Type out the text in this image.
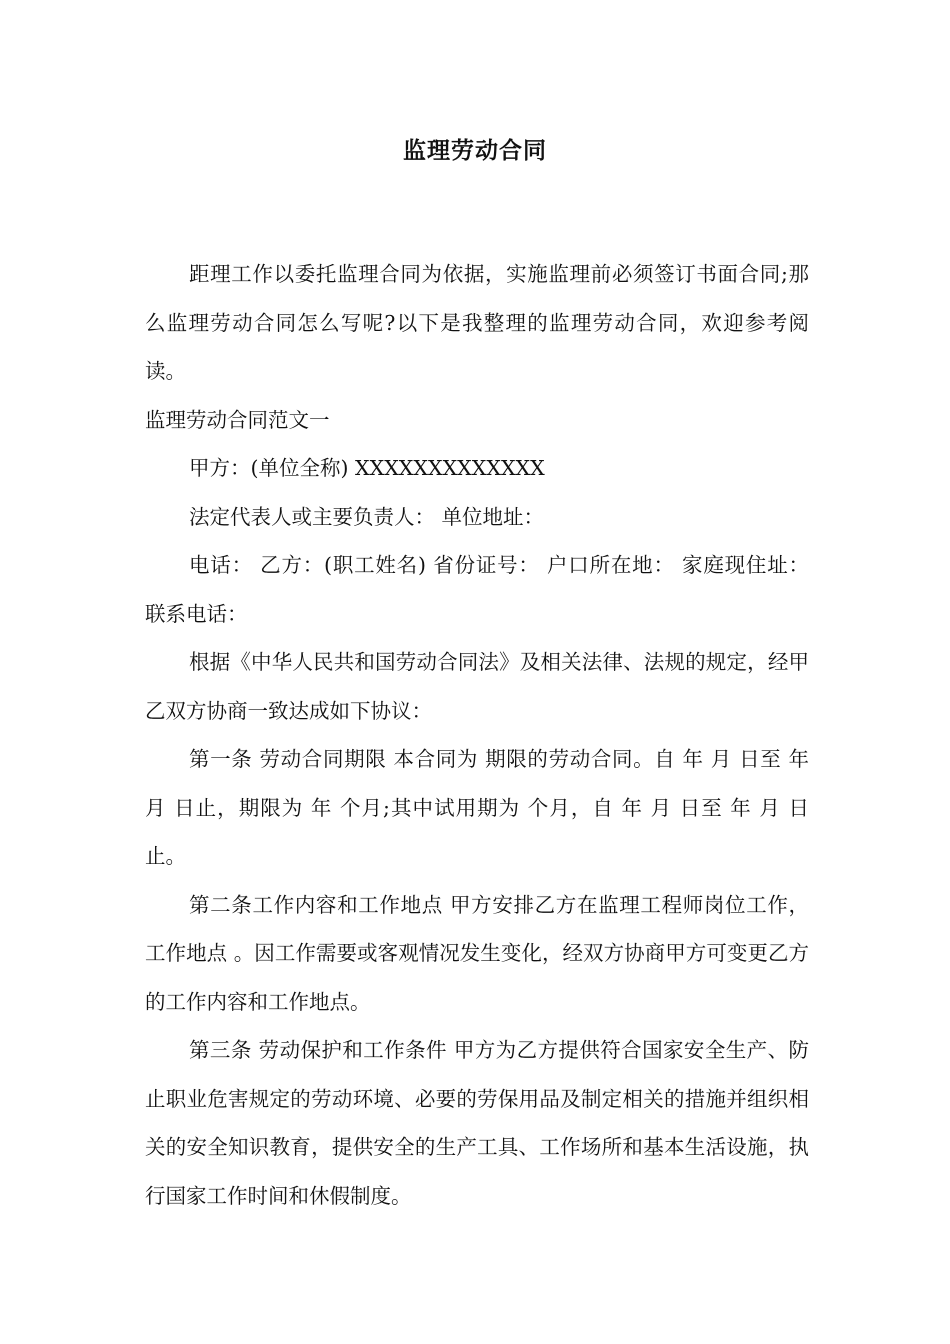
监理劳动合同

距理工作以委托监理合同为依据，实施监理前必须签订书面合同;那么监理劳动合同怎么写呢?以下是我整理的监理劳动合同，欢迎参考阅读。

监理劳动合同范文一

甲方：(单位全称) XXXXXXXXXXXXX

法定代表人或主要负责人： 单位地址：

电话： 乙方：(职工姓名) 省份证号： 户口所在地： 家庭现住址： 联系电话：

根据《中华人民共和国劳动合同法》及相关法律、法规的规定，经甲乙双方协商一致达成如下协议：

第一条 劳动合同期限 本合同为 期限的劳动合同。自 年 月 日至 年 月 日止，期限为 年 个月;其中试用期为 个月，自 年 月 日至 年 月 日止。

第二条工作内容和工作地点 甲方安排乙方在监理工程师岗位工作，工作地点 。因工作需要或客观情况发生变化，经双方协商甲方可变更乙方的工作内容和工作地点。

第三条 劳动保护和工作条件 甲方为乙方提供符合国家安全生产、防止职业危害规定的劳动环境、必要的劳保用品及制定相关的措施并组织相关的安全知识教育，提供安全的生产工具、工作场所和基本生活设施，执行国家工作时间和休假制度。
